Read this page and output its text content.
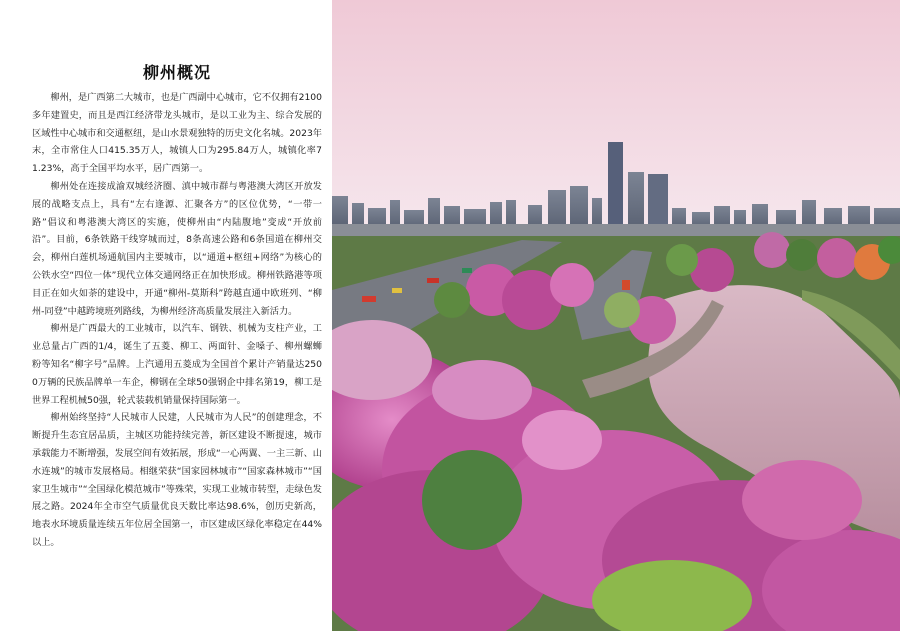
柳州概况

柳州，是广西第二大城市，也是广西副中心城市，它不仅拥有2100多年建置史，而且是西江经济带龙头城市，是以工业为主、综合发展的区域性中心城市和交通枢纽，是山水景观独特的历史文化名城。2023年末，全市常住人口415.35万人，城镇人口为295.84万人，城镇化率71.23%，高于全国平均水平，居广西第一。

柳州处在连接成渝双城经济圈、滇中城市群与粤港澳大湾区开放发展的战略支点上，具有“左右逢源、汇聚各方”的区位优势，“一带一路”倡议和粤港澳大湾区的实施，使柳州由“内陆腹地”变成“开放前沿”。目前，6条铁路干线穿城而过，8条高速公路和6条国道在柳州交会，柳州白莲机场通航国内主要城市，以“通道+枢纽+网络”为核心的公铁水空“四位一体”现代立体交通网络正在加快形成。柳州铁路港等项目正在如火如荼的建设中，开通“柳州-莫斯科”跨越直通中欧班列、“柳州-同登”中越跨境班列路线，为柳州经济高质量发展注入新活力。

柳州是广西最大的工业城市，以汽车、钢铁、机械为支柱产业，工业总量占广西的1/4，诞生了五菱、柳工、两面针、金嗓子、柳州螺蛳粉等知名“柳字号”品牌。上汽通用五菱成为全国首个累计产销量达2500万辆的民族品牌单一车企，柳钢在全球50强钢企中排名第19，柳工是世界工程机械50强，轮式装载机销量保持国际第一。

柳州始终坚持“人民城市人民建，人民城市为人民”的创建理念，不断提升生态宜居品质，主城区功能持续完善，新区建设不断提速，城市承载能力不断增强，发展空间有效拓展，形成“一心两翼、一主三新、山水连城”的城市发展格局。相继荣获“国家园林城市”“国家森林城市”“国家卫生城市”“全国绿化模范城市”等殊荣，实现工业城市转型，走绿色发展之路。2024年全市空气质量优良天数比率达98.6%，创历史新高，地表水环境质量连续五年位居全国第一，市区建成区绿化率稳定在44%以上。
